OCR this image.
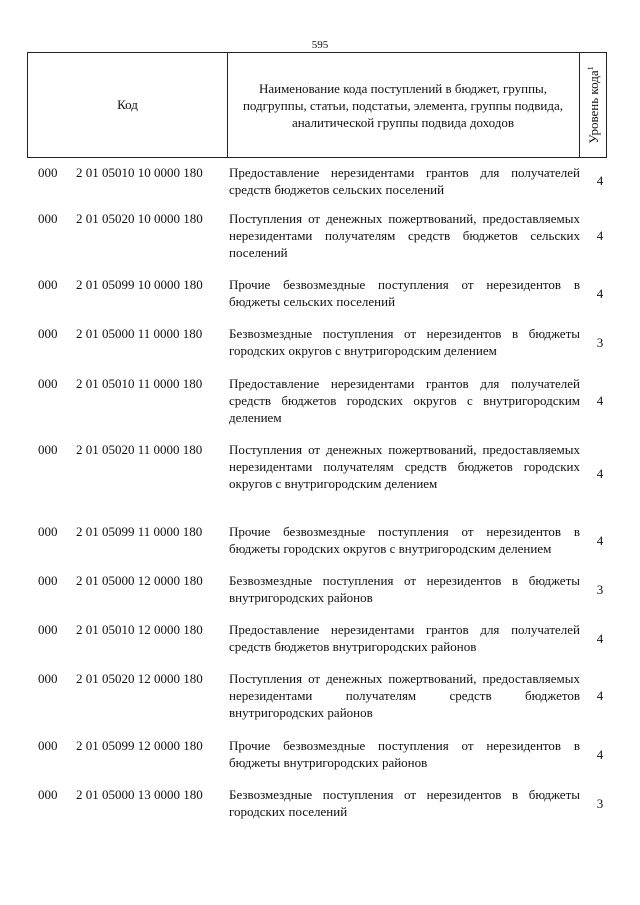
595
Код
Наименование кода поступлений в бюджет, группы, подгруппы, статьи, подстатьи, элемента, группы подвида, аналитической группы подвида доходов	Уровень кода$^1$
000 2 01 05010 10 0000 180 Предоставление нерезидентами грантов для получателей средств бюджетов сельских поселений
4
000 2 01 05020 10 0000 180 Поступления от денежных пожертвований, предоставляемых нерезидентами получателям средств бюджетов сельских поселений
4
000 2 01 05099 10 0000 180 Прочие безвозмездные поступления от нерезидентов в бюджеты сельских поселений
4
000 2 01 05000 11 0000 180 Безвозмездные поступления от нерезидентов в бюджеты городских округов с внутригородским делением
3
000 2 01 05010 11 0000 180 Предоставление нерезидентами грантов для получателей средств бюджетов городских округов с внутригородским делением
4
000 2 01 05020 11 0000 180 Поступления от денежных пожертвований, предоставляемых нерезидентами получателям средств бюджетов городских округов с внутригородским делением
4
000 2 01 05099 11 0000 180 Прочие безвозмездные поступления от нерезидентов в бюджеты городских округов с внутригородским делением
4
000 2 01 05000 12 0000 180 Безвозмездные поступления от нерезидентов в бюджеты внутригородских районов
3
000 2 01 05010 12 0000 180 Предоставление нерезидентами грантов для получателей средств бюджетов внутригородских районов
4
000 2 01 05020 12 0000 180 Поступления от денежных пожертвований, предоставляемых нерезидентами получателям средств бюджетов внутригородских районов
4
000 2 01 05099 12 0000 180 Прочие безвозмездные поступления от нерезидентов в бюджеты внутригородских районов
4
000 2 01 05000 13 0000 180 Безвозмездные поступления от нерезидентов в бюджеты городских поселений
3
